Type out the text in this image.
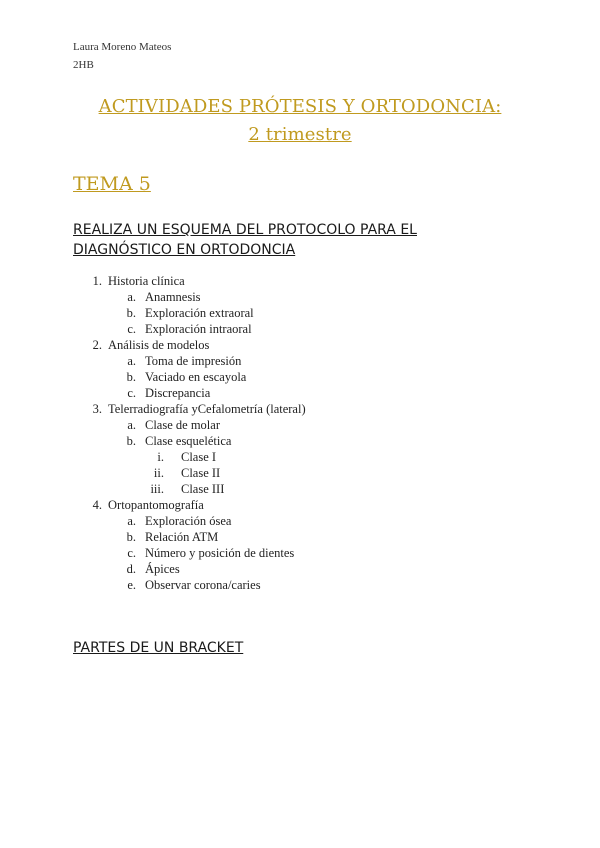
Laura Moreno Mateos
2HB
ACTIVIDADES PRÓTESIS Y ORTODONCIA:
2 trimestre
TEMA 5
REALIZA UN ESQUEMA DEL PROTOCOLO PARA EL
DIAGNÓSTICO EN ORTODONCIA
1. Historia clínica
a. Anamnesis
b. Exploración extraoral
c. Exploración intraoral
2. Análisis de modelos
a. Toma de impresión
b. Vaciado en escayola
c. Discrepancia
3. Telerradiografía yCefalometría (lateral)
a. Clase de molar
b. Clase esquelética
i. Clase I
ii. Clase II
iii. Clase III
4. Ortopantomografía
a. Exploración ósea
b. Relación ATM
c. Número y posición de dientes
d. Ápices
e. Observar corona/caries
PARTES DE UN BRACKET
